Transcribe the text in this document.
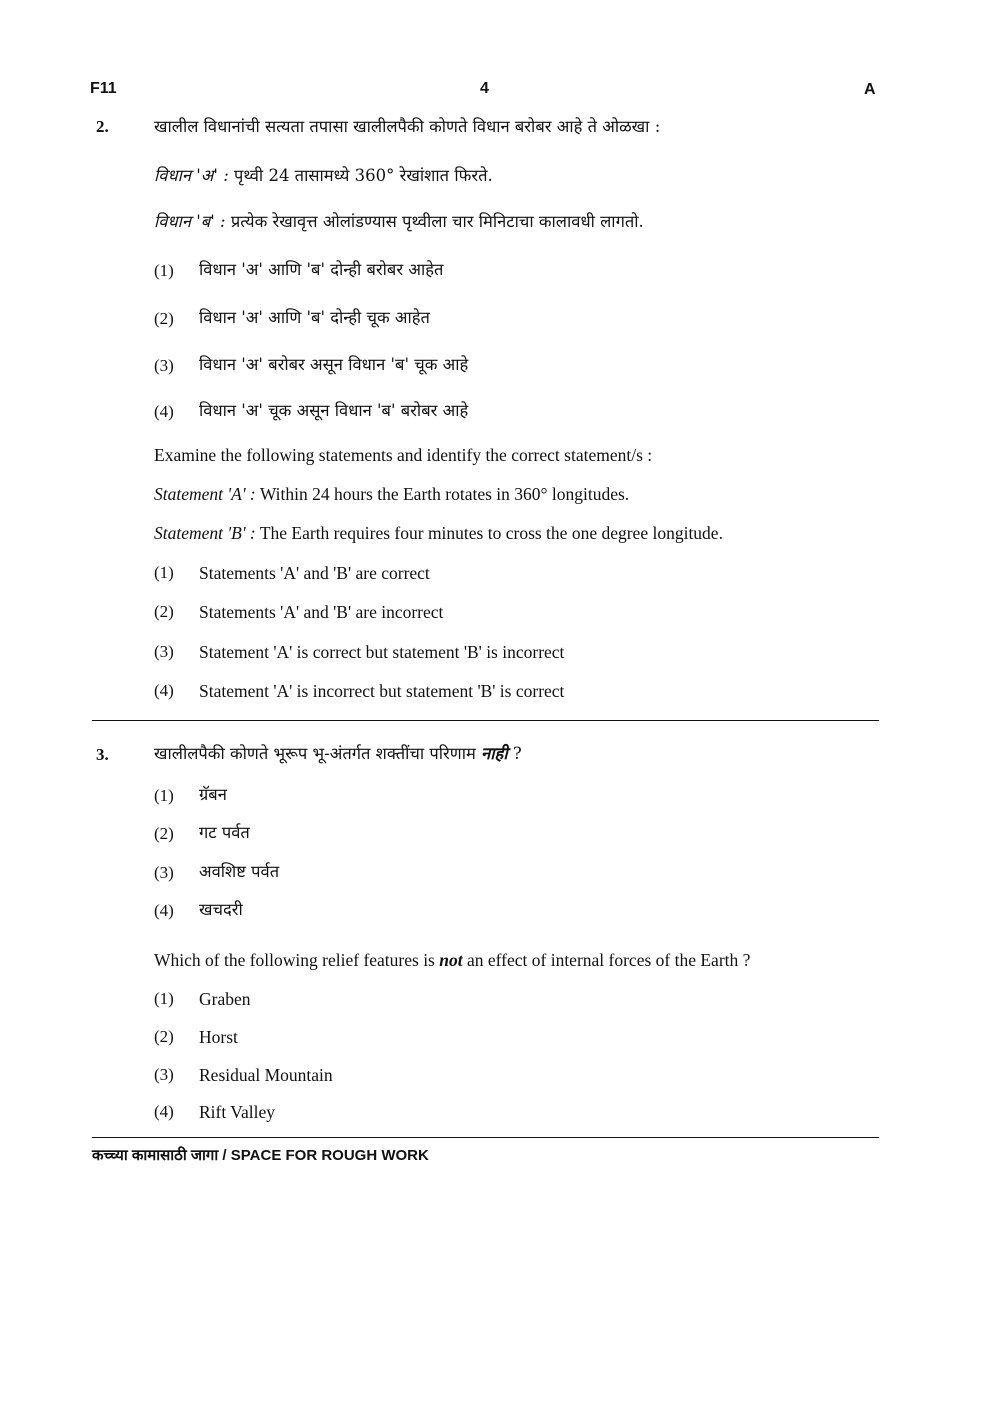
F11	4	A
2.	खालील विधानांची सत्यता तपासा खालीलपैकी कोणते विधान बरोबर आहे ते ओळखा :
विधान 'अ' : पृथ्वी 24 तासामध्ये 360° रेखांशात फिरते.
विधान 'ब' : प्रत्येक रेखावृत्त ओलांडण्यास पृथ्वीला चार मिनिटाचा कालावधी लागतो.
(1) विधान 'अ' आणि 'ब' दोन्ही बरोबर आहेत
(2) विधान 'अ' आणि 'ब' दोन्ही चूक आहेत
(3) विधान 'अ' बरोबर असून विधान 'ब' चूक आहे
(4) विधान 'अ' चूक असून विधान 'ब' बरोबर आहे
Examine the following statements and identify the correct statement/s :
Statement 'A' : Within 24 hours the Earth rotates in 360° longitudes.
Statement 'B' : The Earth requires four minutes to cross the one degree longitude.
(1) Statements 'A' and 'B' are correct
(2) Statements 'A' and 'B' are incorrect
(3) Statement 'A' is correct but statement 'B' is incorrect
(4) Statement 'A' is incorrect but statement 'B' is correct
3.	खालीलपैकी कोणते भूरूप भू-अंतर्गत शक्तींचा परिणाम नाही ?
(1) ग्रॅबन
(2) गट पर्वत
(3) अवशिष्ट पर्वत
(4) खचदरी
Which of the following relief features is not an effect of internal forces of the Earth ?
(1) Graben
(2) Horst
(3) Residual Mountain
(4) Rift Valley
कच्च्या कामासाठी जागा / SPACE FOR ROUGH WORK
